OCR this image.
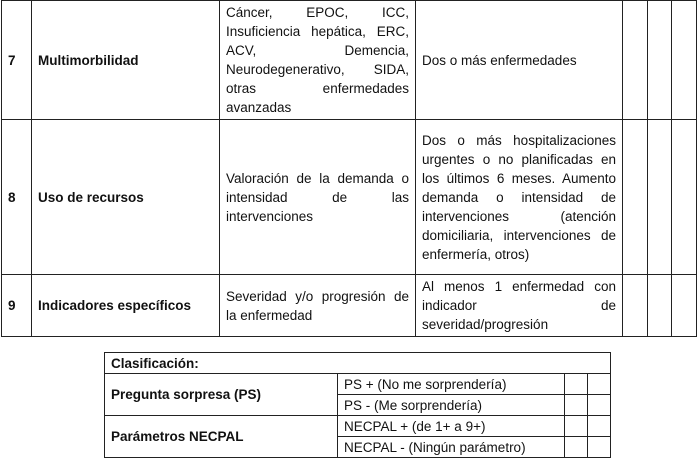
7	Multimorbilidad	Cáncer, EPOC, ICC, Insuficiencia hepática, ERC, ACV, Demencia, Neurodegenerativo, SIDA, otras enfermedades avanzadas	Dos o más enfermedades			
8	Uso de recursos	Valoración de la demanda o intensidad de las intervenciones	Dos o más hospitalizaciones urgentes o no planificadas en los últimos 6 meses. Aumento demanda o intensidad de intervenciones (atención domiciliaria, intervenciones de enfermería, otros)			
9	Indicadores específicos	Severidad y/o progresión de la enfermedad	Al menos 1 enfermedad con indicador de severidad/progresión			
Clasificación:			
Pregunta sorpresa (PS)	PS + (No me sorprendería)		
	PS - (Me sorprendería)		
Parámetros NECPAL	NECPAL + (de 1+ a 9+)		
	NECPAL - (Ningún parámetro)		
